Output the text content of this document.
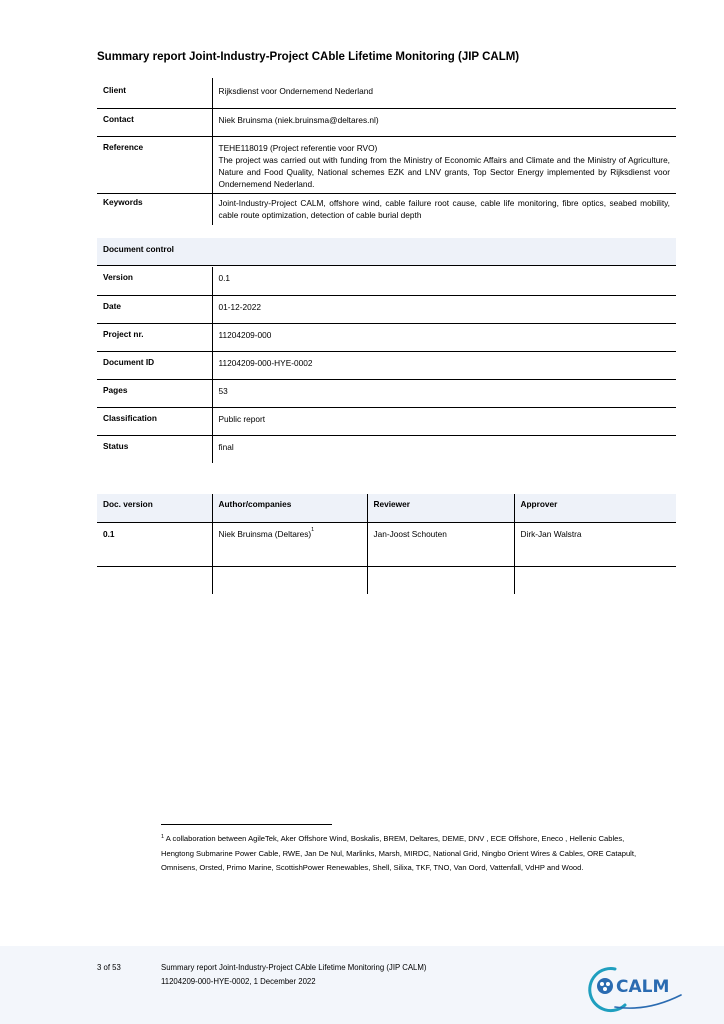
Summary report Joint-Industry-Project CAble Lifetime Monitoring (JIP CALM)
Client	Rijksdienst voor Ondernemend Nederland
Contact	Niek Bruinsma (niek.bruinsma@deltares.nl)
Reference	TEHE118019 (Project referentie voor RVO)
The project was carried out with funding from the Ministry of Economic Affairs and Climate and the Ministry of Agriculture, Nature and Food Quality, National schemes EZK and LNV grants, Top Sector Energy implemented by Rijksdienst voor Ondernemend Nederland.

Keywords	Joint-Industry-Project CALM, offshore wind, cable failure root cause, cable life monitoring, fibre optics, seabed mobility, cable route optimization, detection of cable burial depth
Document control
Version	0.1
Date	01-12-2022
Project nr.	11204209-000
Document ID	11204209-000-HYE-0002
Pages	53
Classification	Public report
Status	final
Doc. version	Author/companies	Reviewer	Approver
0.1	Niek Bruinsma (Deltares)$^1$	Jan-Joost Schouten	Dirk-Jan Walstra

$^1$ A collaboration between AgileTek, Aker Offshore Wind, Boskalis, BREM, Deltares, DEME, DNV , ECE Offshore, Eneco , Hellenic Cables, Hengtong Submarine Power Cable, RWE, Jan De Nul, Marlinks, Marsh, MIRDC, National Grid, Ningbo Orient Wires & Cables, ORE Catapult, Omnisens, Orsted, Primo Marine, ScottishPower Renewables, Shell, Silixa, TKF, TNO, Van Oord, Vattenfall, VdHP and Wood.
3 of 53	Summary report Joint-Industry-Project CAble Lifetime Monitoring (JIP CALM)
11204209-000-HYE-0002, 1 December 2022	CALM
